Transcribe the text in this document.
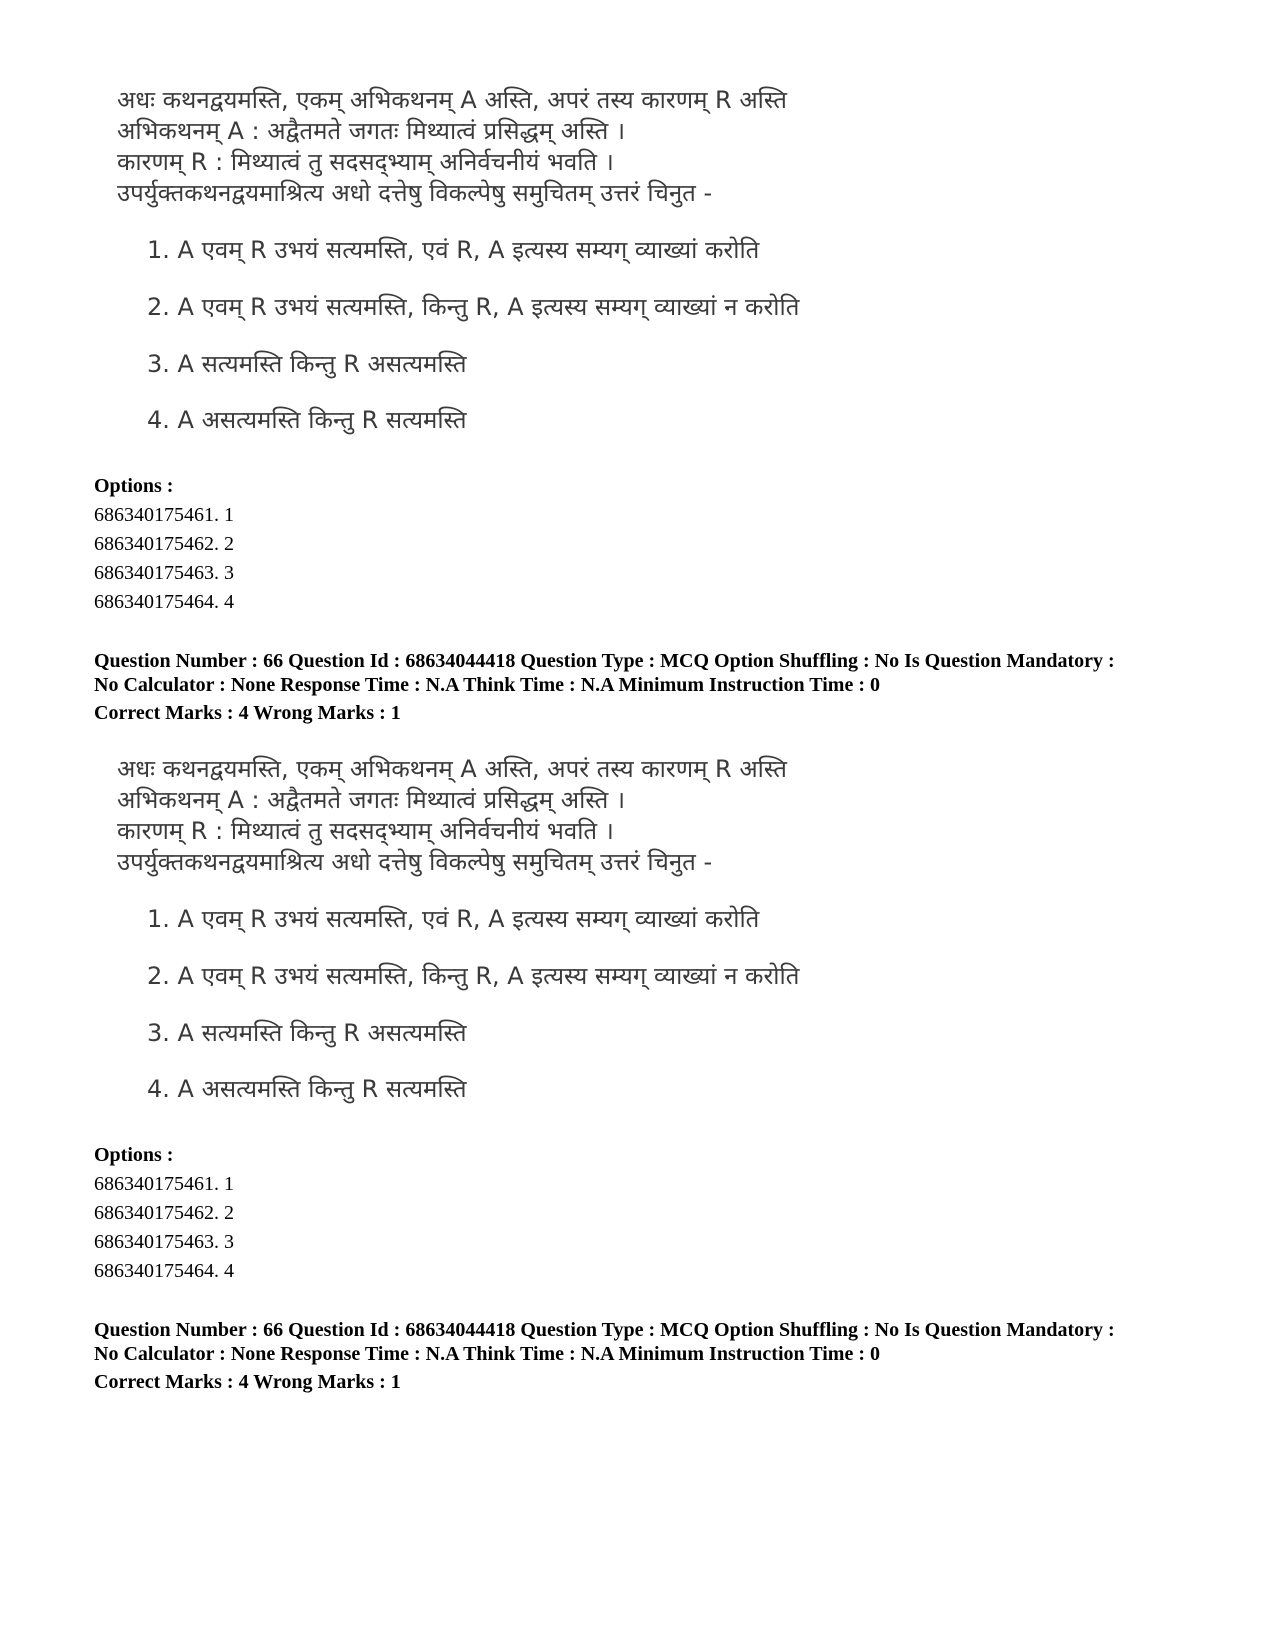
अधः कथनद्वयमस्ति, एकम् अभिकथनम् A अस्ति, अपरं तस्य कारणम् R अस्ति
अभिकथनम् A : अद्वैतमते जगतः मिथ्यात्वं प्रसिद्धम् अस्ति ।
कारणम् R : मिथ्यात्वं तु सदसद्भ्याम् अनिर्वचनीयं भवति ।
उपर्युक्तकथनद्वयमाश्रित्य अधो दत्तेषु विकल्पेषु समुचितम् उत्तरं चिनुत -
1. A एवम् R उभयं सत्यमस्ति, एवं R, A इत्यस्य सम्यग् व्याख्यां करोति
2. A एवम् R उभयं सत्यमस्ति, किन्तु R, A इत्यस्य सम्यग् व्याख्यां न करोति
3. A सत्यमस्ति किन्तु R असत्यमस्ति
4. A असत्यमस्ति किन्तु R सत्यमस्ति
Options :
686340175461. 1
686340175462. 2
686340175463. 3
686340175464. 4
Question Number : 66 Question Id : 68634044418 Question Type : MCQ Option Shuffling : No Is Question Mandatory :
No Calculator : None Response Time : N.A Think Time : N.A Minimum Instruction Time : 0
Correct Marks : 4 Wrong Marks : 1
अधः कथनद्वयमस्ति, एकम् अभिकथनम् A अस्ति, अपरं तस्य कारणम् R अस्ति
अभिकथनम् A : अद्वैतमते जगतः मिथ्यात्वं प्रसिद्धम् अस्ति ।
कारणम् R : मिथ्यात्वं तु सदसद्भ्याम् अनिर्वचनीयं भवति ।
उपर्युक्तकथनद्वयमाश्रित्य अधो दत्तेषु विकल्पेषु समुचितम् उत्तरं चिनुत -
1. A एवम् R उभयं सत्यमस्ति, एवं R, A इत्यस्य सम्यग् व्याख्यां करोति
2. A एवम् R उभयं सत्यमस्ति, किन्तु R, A इत्यस्य सम्यग् व्याख्यां न करोति
3. A सत्यमस्ति किन्तु R असत्यमस्ति
4. A असत्यमस्ति किन्तु R सत्यमस्ति
Options :
686340175461. 1
686340175462. 2
686340175463. 3
686340175464. 4
Question Number : 66 Question Id : 68634044418 Question Type : MCQ Option Shuffling : No Is Question Mandatory :
No Calculator : None Response Time : N.A Think Time : N.A Minimum Instruction Time : 0
Correct Marks : 4 Wrong Marks : 1
